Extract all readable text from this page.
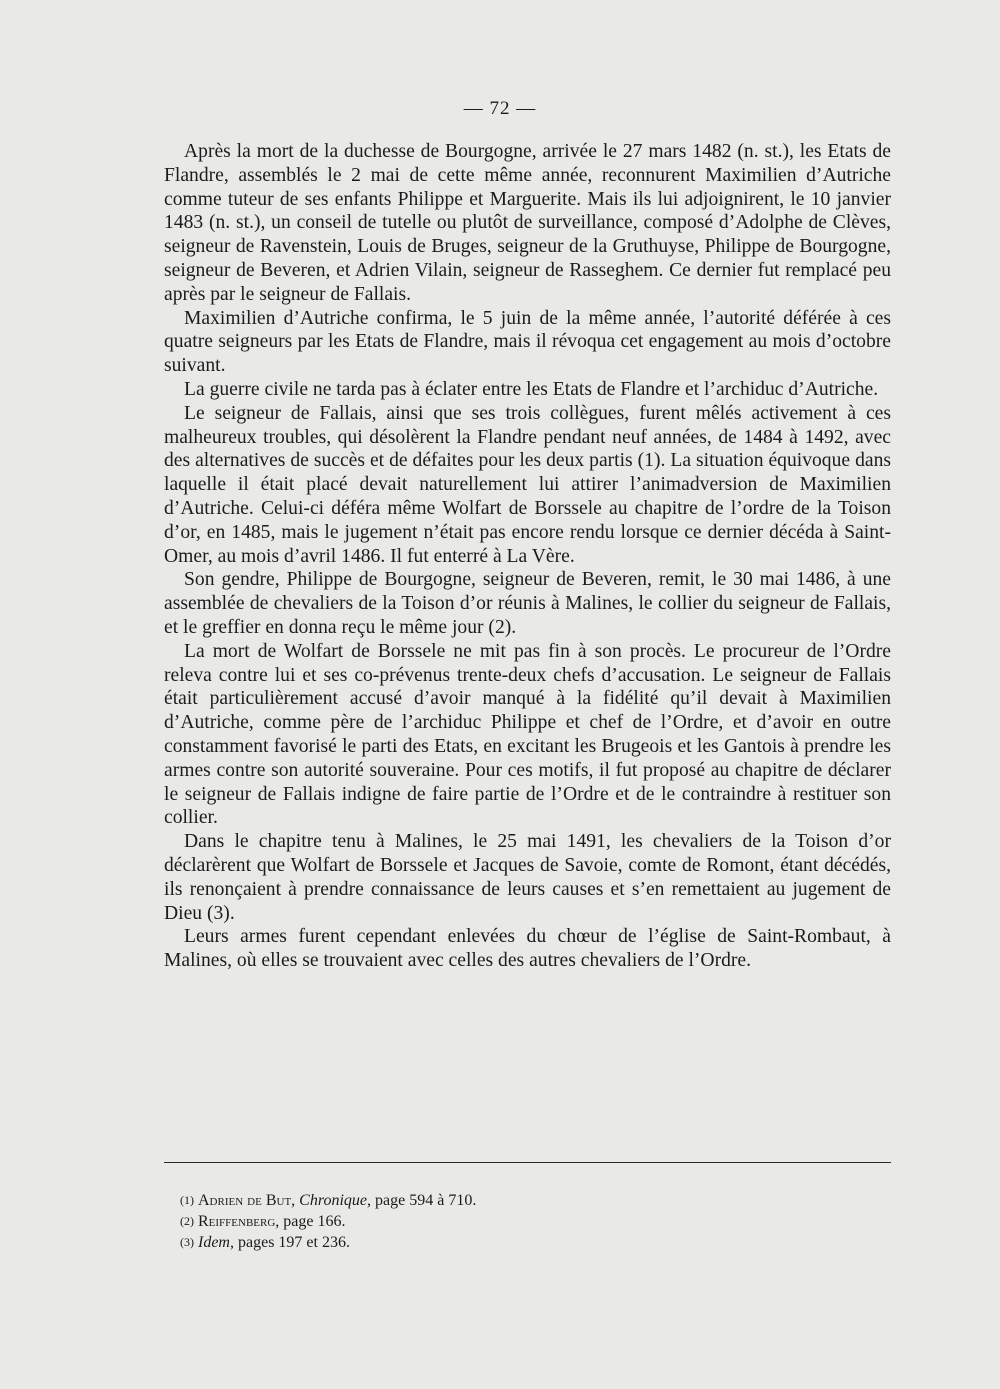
— 72 —

Après la mort de la duchesse de Bourgogne, arrivée le 27 mars 1482 (n. st.), les Etats de Flandre, assemblés le 2 mai de cette même année, reconnurent Maximilien d’Autriche comme tuteur de ses enfants Philippe et Marguerite. Mais ils lui adjoignirent, le 10 janvier 1483 (n. st.), un conseil de tutelle ou plutôt de surveillance, composé d’Adolphe de Clèves, seigneur de Ravenstein, Louis de Bruges, seigneur de la Gruthuyse, Philippe de Bourgogne, seigneur de Beveren, et Adrien Vilain, seigneur de Rasseghem. Ce dernier fut remplacé peu après par le seigneur de Fallais.

Maximilien d’Autriche confirma, le 5 juin de la même année, l’autorité déférée à ces quatre seigneurs par les Etats de Flandre, mais il révoqua cet engagement au mois d’octobre suivant.

La guerre civile ne tarda pas à éclater entre les Etats de Flandre et l’archiduc d’Autriche.

Le seigneur de Fallais, ainsi que ses trois collègues, furent mêlés activement à ces malheureux troubles, qui désolèrent la Flandre pendant neuf années, de 1484 à 1492, avec des alternatives de succès et de défaites pour les deux partis (1). La situation équivoque dans laquelle il était placé devait naturellement lui attirer l’animadversion de Maximilien d’Autriche. Celui-ci déféra même Wolfart de Borssele au chapitre de l’ordre de la Toison d’or, en 1485, mais le jugement n’était pas encore rendu lorsque ce dernier décéda à Saint-Omer, au mois d’avril 1486. Il fut enterré à La Vère.

Son gendre, Philippe de Bourgogne, seigneur de Beveren, remit, le 30 mai 1486, à une assemblée de chevaliers de la Toison d’or réunis à Malines, le collier du seigneur de Fallais, et le greffier en donna reçu le même jour (2).

La mort de Wolfart de Borssele ne mit pas fin à son procès. Le procureur de l’Ordre releva contre lui et ses co-prévenus trente-deux chefs d’accusation. Le seigneur de Fallais était particulièrement accusé d’avoir manqué à la fidélité qu’il devait à Maximilien d’Autriche, comme père de l’archiduc Philippe et chef de l’Ordre, et d’avoir en outre constamment favorisé le parti des Etats, en excitant les Brugeois et les Gantois à prendre les armes contre son autorité souveraine. Pour ces motifs, il fut proposé au chapitre de déclarer le seigneur de Fallais indigne de faire partie de l’Ordre et de le contraindre à restituer son collier.

Dans le chapitre tenu à Malines, le 25 mai 1491, les chevaliers de la Toison d’or déclarèrent que Wolfart de Borssele et Jacques de Savoie, comte de Romont, étant décédés, ils renonçaient à prendre connaissance de leurs causes et s’en remettaient au jugement de Dieu (3).

Leurs armes furent cependant enlevées du chœur de l’église de Saint-Rombaut, à Malines, où elles se trouvaient avec celles des autres chevaliers de l’Ordre.

(1) Adrien de But, Chronique, page 594 à 710.
(2) Reiffenberg, page 166.
(3) Idem, pages 197 et 236.
